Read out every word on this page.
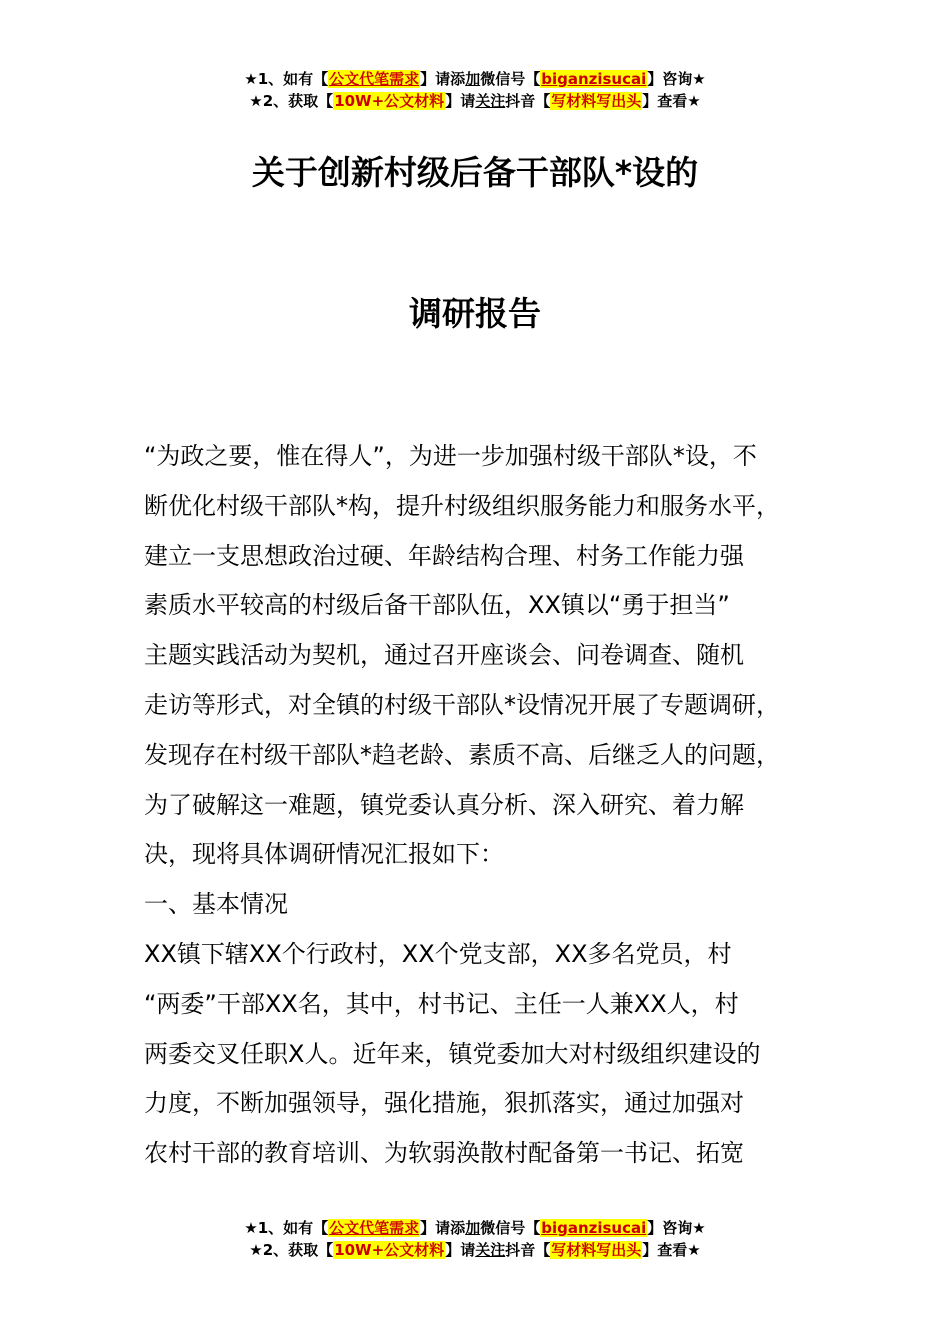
★1、如有【公文代笔需求】请添加微信号【biganzisucai】咨询★
★2、获取【10W+公文材料】请关注抖音【写材料写出头】查看★
关于创新村级后备干部队*设的
调研报告
“为政之要，惟在得人”，为进一步加强村级干部队*设，不
断优化村级干部队*构，提升村级组织服务能力和服务水平，
建立一支思想政治过硬、年龄结构合理、村务工作能力强
素质水平较高的村级后备干部队伍，XX镇以“勇于担当”
主题实践活动为契机，通过召开座谈会、问卷调查、随机
走访等形式，对全镇的村级干部队*设情况开展了专题调研，
发现存在村级干部队*趋老龄、素质不高、后继乏人的问题，
为了破解这一难题，镇党委认真分析、深入研究、着力解
决，现将具体调研情况汇报如下：
一、基本情况
XX镇下辖XX个行政村，XX个党支部，XX多名党员，村
“两委”干部XX名，其中，村书记、主任一人兼XX人，村
两委交叉任职X人。近年来，镇党委加大对村级组织建设的
力度，不断加强领导，强化措施，狠抓落实，通过加强对
农村干部的教育培训、为软弱涣散村配备第一书记、拓宽
★1、如有【公文代笔需求】请添加微信号【biganzisucai】咨询★
★2、获取【10W+公文材料】请关注抖音【写材料写出头】查看★
